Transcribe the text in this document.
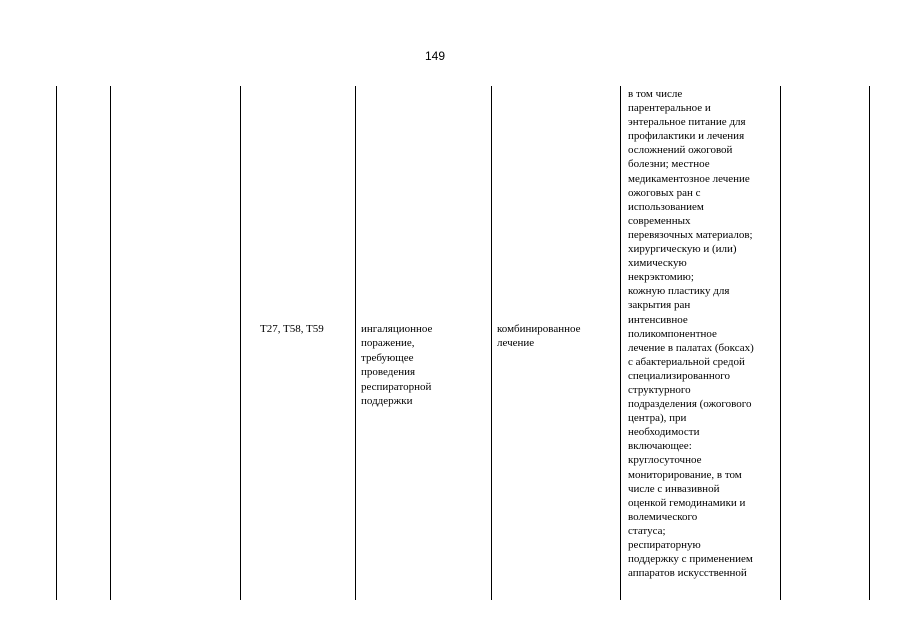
149
T27, T58, T59	ингаляционное
поражение,
требующее
проведения
респираторной
поддержки
комбинированное
лечение
в том числе
парентеральное и
энтеральное питание для
профилактики и лечения
осложнений ожоговой
болезни; местное
медикаментозное лечение
ожоговых ран с
использованием
современных
перевязочных материалов;
хирургическую и (или)
химическую
некрэктомию;
кожную пластику для
закрытия ран
интенсивное
поликомпонентное
лечение в палатах (боксах)
с абактериальной средой
специализированного
структурного
подразделения (ожогового
центра), при
необходимости
включающее:
круглосуточное
мониторирование, в том
числе с инвазивной
оценкой гемодинамики и
волемического
статуса;
респираторную
поддержку с применением
аппаратов искусственной
